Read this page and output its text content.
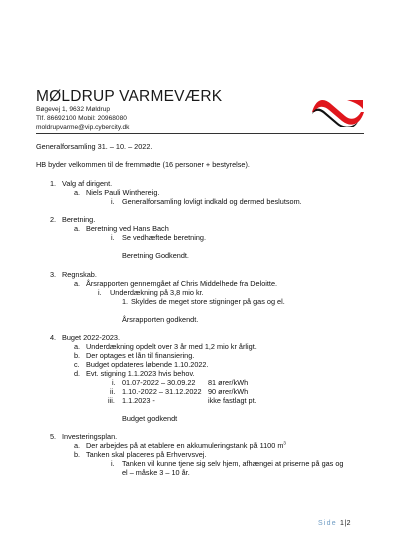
MØLDRUP VARMEVÆRK
Bøgevej 1, 9632 Møldrup
Tlf. 86692100 Mobil: 20968080
moldrupvarme@vip.cybercity.dk
Generalforsamling 31. – 10. – 2022.
HB byder velkommen til de fremmødte (16 personer + bestyrelse).
1. Valg af dirigent.
a. Niels Pauli Winthereig.
i. Generalforsamling lovligt indkald og dermed beslutsom.
2. Beretning.
a. Beretning ved Hans Bach
i. Se vedhæftede beretning.
Beretning Godkendt.
3. Regnskab.
a. Årsrapporten gennemgået af Chris Middelhede fra Deloitte.
i. Underdækning på 3,8 mio kr.
1. Skyldes de meget store stigninger på gas og el.
Årsrapporten godkendt.
4. Buget 2022-2023.
a. Underdækning opdelt over 3 år med 1,2 mio kr årligt.
b. Der optages et lån til finansiering.
c. Budget opdateres løbende 1.10.2022.
d. Evt. stigning 1.1.2023 hvis behov.
i. 01.07-2022 – 30.09.22 81 ører/kWh
ii. 1.10.-2022 – 31.12.2022 90 ører/kWh
iii. 1.1.2023 -	ikke fastlagt pt.
Budget godkendt
5. Investeringsplan.
a. Der arbejdes på at etablere en akkumuleringstank på 1100 $m^3$
b. Tanken skal placeres på Erhvervsvej.
i. Tanken vil kunne tjene sig selv hjem, afhængei at priserne på gas og
el – måske 3 – 10 år.
Side 1|2
